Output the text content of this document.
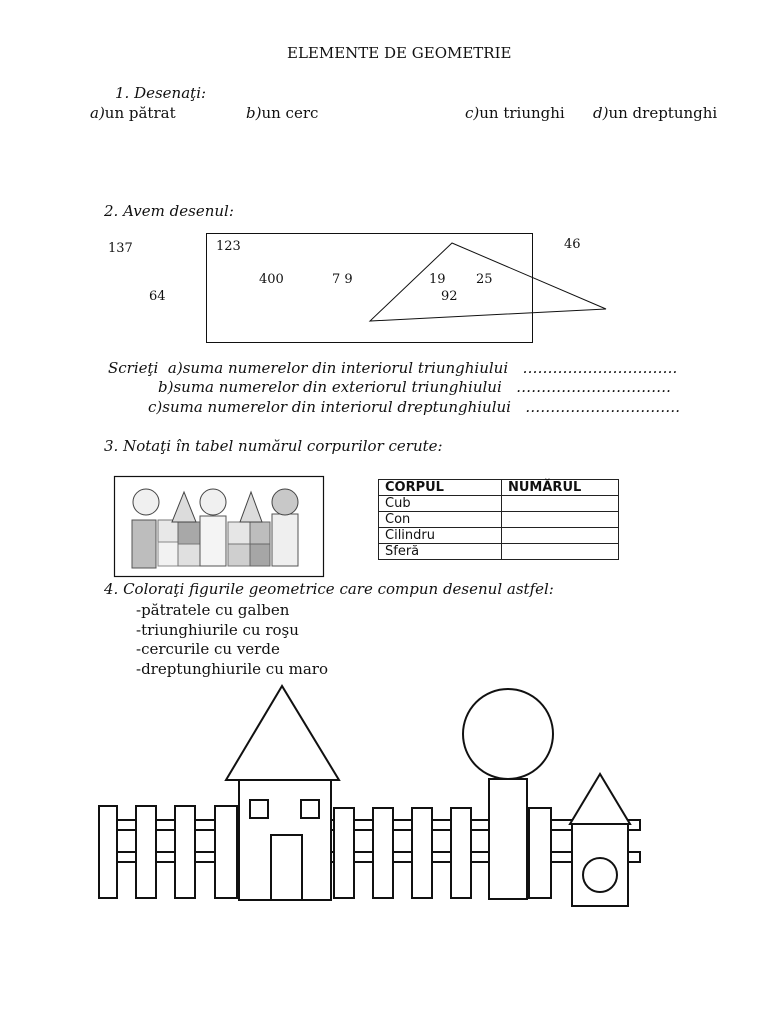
ELEMENTE DE GEOMETRIE
1. Desenaţi:
a)un pătrat	b)un cerc	c)un triunghi d)un dreptunghi
2. Avem desenul:
137	123	46
400	7 9	19 25
92
64
Scrieţi a)suma numerelor din interiorul triunghiului ………………………….
b)suma numerelor din exteriorul triunghiului ………………………….
c)suma numerelor din interiorul dreptunghiului ………………………….
3. Notaţi în tabel numărul corpurilor cerute:
CORPUL	NUMĂRUL
Cub	
Con	
Cilindru	
Sferă	
4. Coloraţi figurile geometrice care compun desenul astfel:
-pătratele cu galben
-triunghiurile cu roşu
-cercurile cu verde
-dreptunghiurile cu maro
